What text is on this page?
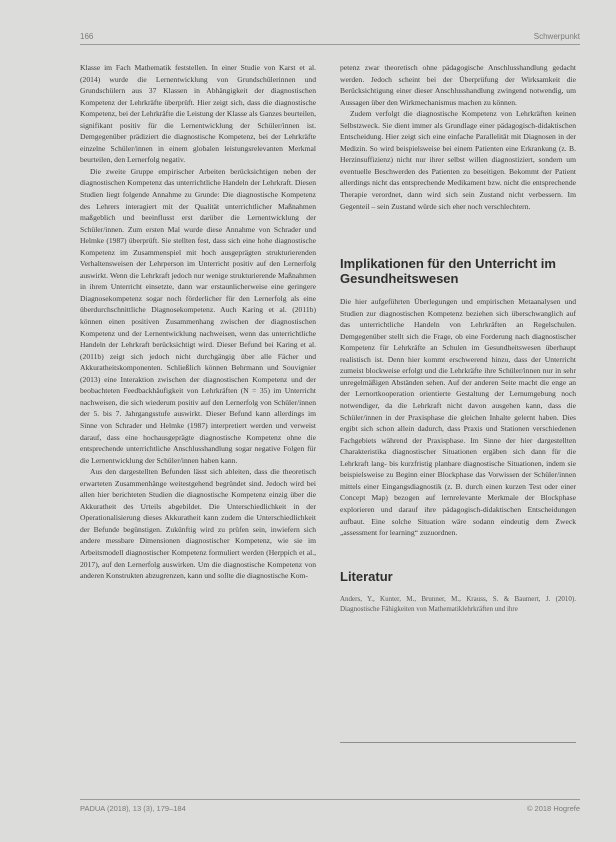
166	Schwerpunkt

Klasse im Fach Mathematik feststellen. In einer Studie von Karst et al. (2014) wurde die Lernentwicklung von Grundschülerinnen und Grundschülern aus 37 Klassen in Abhängigkeit der diagnostischen Kompetenz der Lehrkräfte überprüft. Hier zeigt sich, dass die diagnostische Kompetenz, bei der Lehrkräfte die Leistung der Klasse als Ganzes beurteilen, signifikant positiv für die Lernentwicklung der Schüler/innen ist. Demgegenüber prädiziert die diagnostische Kompetenz, bei der Lehrkräfte einzelne Schüler/innen in einem globalen leistungsrelevanten Merkmal beurteilen, den Lernerfolg negativ.

Die zweite Gruppe empirischer Arbeiten berücksichtigen neben der diagnostischen Kompetenz das unterrichtliche Handeln der Lehrkraft. Diesen Studien liegt folgende Annahme zu Grunde: Die diagnostische Kompetenz des Lehrers interagiert mit der Qualität unterrichtlicher Maßnahmen maßgeblich und beeinflusst erst darüber die Lernentwicklung der Schüler/innen. Zum ersten Mal wurde diese Annahme von Schrader und Helmke (1987) überprüft. Sie stellten fest, dass sich eine hohe diagnostische Kompetenz im Zusammenspiel mit hoch ausgeprägten strukturierenden Verhaltensweisen der Lehrperson im Unterricht positiv auf den Lernerfolg auswirkt. Wenn die Lehrkraft jedoch nur wenige strukturierende Maßnahmen in ihrem Unterricht einsetzte, dann war erstaunlicherweise eine geringere Diagnosekompetenz sogar noch förderlicher für den Lernerfolg als eine überdurchschnittliche Diagnosekompetenz. Auch Karing et al. (2011b) können einen positiven Zusammenhang zwischen der diagnostischen Kompetenz und der Lernentwicklung nachweisen, wenn das unterrichtliche Handeln der Lehrkraft berücksichtigt wird. Dieser Befund bei Karing et al. (2011b) zeigt sich jedoch nicht durchgängig über alle Fächer und Akkuratheitskomponenten. Schließlich können Behrmann und Souvignier (2013) eine Interaktion zwischen der diagnostischen Kompetenz und der beobachteten Feedbackhäufigkeit von Lehrkräften (N = 35) im Unterricht nachweisen, die sich wiederum positiv auf den Lernerfolg von Schüler/innen der 5. bis 7. Jahrgangsstufe auswirkt. Dieser Befund kann allerdings im Sinne von Schrader und Helmke (1987) interpretiert werden und verweist darauf, dass eine hochausgeprägte diagnostische Kompetenz ohne die entsprechende unterrichtliche Anschlusshandlung sogar negative Folgen für die Lernentwicklung der Schüler/innen haben kann.

Aus den dargestellten Befunden lässt sich ableiten, dass die theoretisch erwarteten Zusammenhänge weitestgehend begründet sind. Jedoch wird bei allen hier berichteten Studien die diagnostische Kompetenz einzig über die Akkuratheit des Urteils abgebildet. Die Unterschiedlichkeit in der Operationalisierung dieses Akkuratheit kann zudem die Unterschiedlichkeit der Befunde begünstigen. Zukünftig wird zu prüfen sein, inwiefern sich andere messbare Dimensionen diagnostischer Kompetenz, wie sie im Arbeitsmodell diagnostischer Kompetenz formuliert werden (Herppich et al., 2017), auf den Lernerfolg auswirken. Um die diagnostische Kompetenz von anderen Konstrukten abzugrenzen, kann und sollte die diagnostische Kom-

petenz zwar theoretisch ohne pädagogische Anschlusshandlung gedacht werden. Jedoch scheint bei der Überprüfung der Wirksamkeit die Berücksichtigung einer dieser Anschlusshandlung zwingend notwendig, um Aussagen über den Wirkmechanismus machen zu können.

Zudem verfolgt die diagnostische Kompetenz von Lehrkräften keinen Selbstzweck. Sie dient immer als Grundlage einer pädagogisch-didaktischen Entscheidung. Hier zeigt sich eine einfache Parallelität mit Diagnosen in der Medizin. So wird beispielsweise bei einem Patienten eine Erkrankung (z. B. Herzinsuffizienz) nicht nur ihrer selbst willen diagnostiziert, sondern um eventuelle Beschwerden des Patienten zu beseitigen. Bekommt der Patient allerdings nicht das entsprechende Medikament bzw. nicht die entsprechende Therapie verordnet, dann wird sich sein Zustand nicht verbessern. Im Gegenteil – sein Zustand würde sich eher noch verschlechtern.

Implikationen für den Unterricht im Gesundheitswesen

Die hier aufgeführten Überlegungen und empirischen Metaanalysen und Studien zur diagnostischen Kompetenz beziehen sich überschwanglich auf das unterrichtliche Handeln von Lehrkräften an Regelschulen. Demgegenüber stellt sich die Frage, ob eine Forderung nach diagnostischer Kompetenz für Lehrkräfte an Schulen im Gesundheitswesen überhaupt realistisch ist. Denn hier kommt erschwerend hinzu, dass der Unterricht zumeist blockweise erfolgt und die Lehrkräfte ihre Schüler/innen nur in sehr unregelmäßigen Abständen sehen. Auf der anderen Seite macht die enge an der Lernortkooperation orientierte Gestaltung der Lernumgebung noch notwendiger, da die Lehrkraft nicht davon ausgehen kann, dass die Schüler/innen in der Praxisphase die gleichen Inhalte gelernt haben. Dies ergibt sich schon allein dadurch, dass Praxis und Stationen verschiedenen Fachgebiets während der Praxisphase. Im Sinne der hier dargestellten Charakteristika diagnostischer Situationen ergäben sich dann für die Lehrkraft lang- bis kurzfristig planbare diagnostische Situationen, indem sie beispielsweise zu Beginn einer Blockphase das Vorwissen der Schüler/innen mittels einer Eingangsdiagnostik (z. B. durch einen kurzen Test oder einer Concept Map) bezogen auf lernrelevante Merkmale der Blockphase explorieren und darauf ihre pädagogisch-didaktischen Entscheidungen aufbaut. Eine solche Situation wäre sodann eindeutig dem Zweck „assessment for learning“ zuzuordnen.

Literatur

Anders, Y., Kunter, M., Brunner, M., Krauss, S. & Baumert, J. (2010). Diagnostische Fähigkeiten von Mathematiklehrkräften und ihre

PADUA (2018), 13 (3), 179–184	© 2018 Hogrefe
